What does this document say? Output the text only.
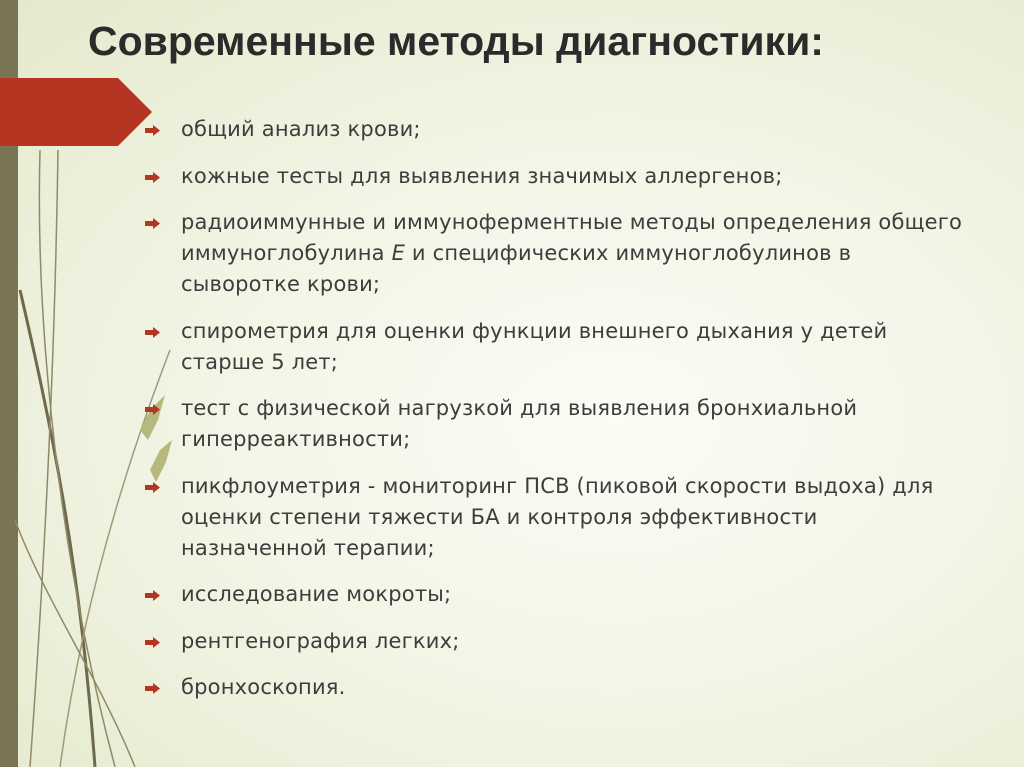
Современные методы диагностики:
общий анализ крови;
кожные тесты для выявления значимых аллергенов;
радиоиммунные и иммуноферментные методы определения общего иммуноглобулина E и специфических иммуноглобулинов в сыворотке крови;
спирометрия для оценки функции внешнего дыхания у детей старше 5 лет;
тест с физической нагрузкой для выявления бронхиальной гиперреактивности;
пикфлоуметрия - мониторинг ПСВ (пиковой скорости выдоха) для оценки степени тяжести БА и контроля эффективности назначенной терапии;
исследование мокроты;
рентгенография легких;
бронхоскопия.
